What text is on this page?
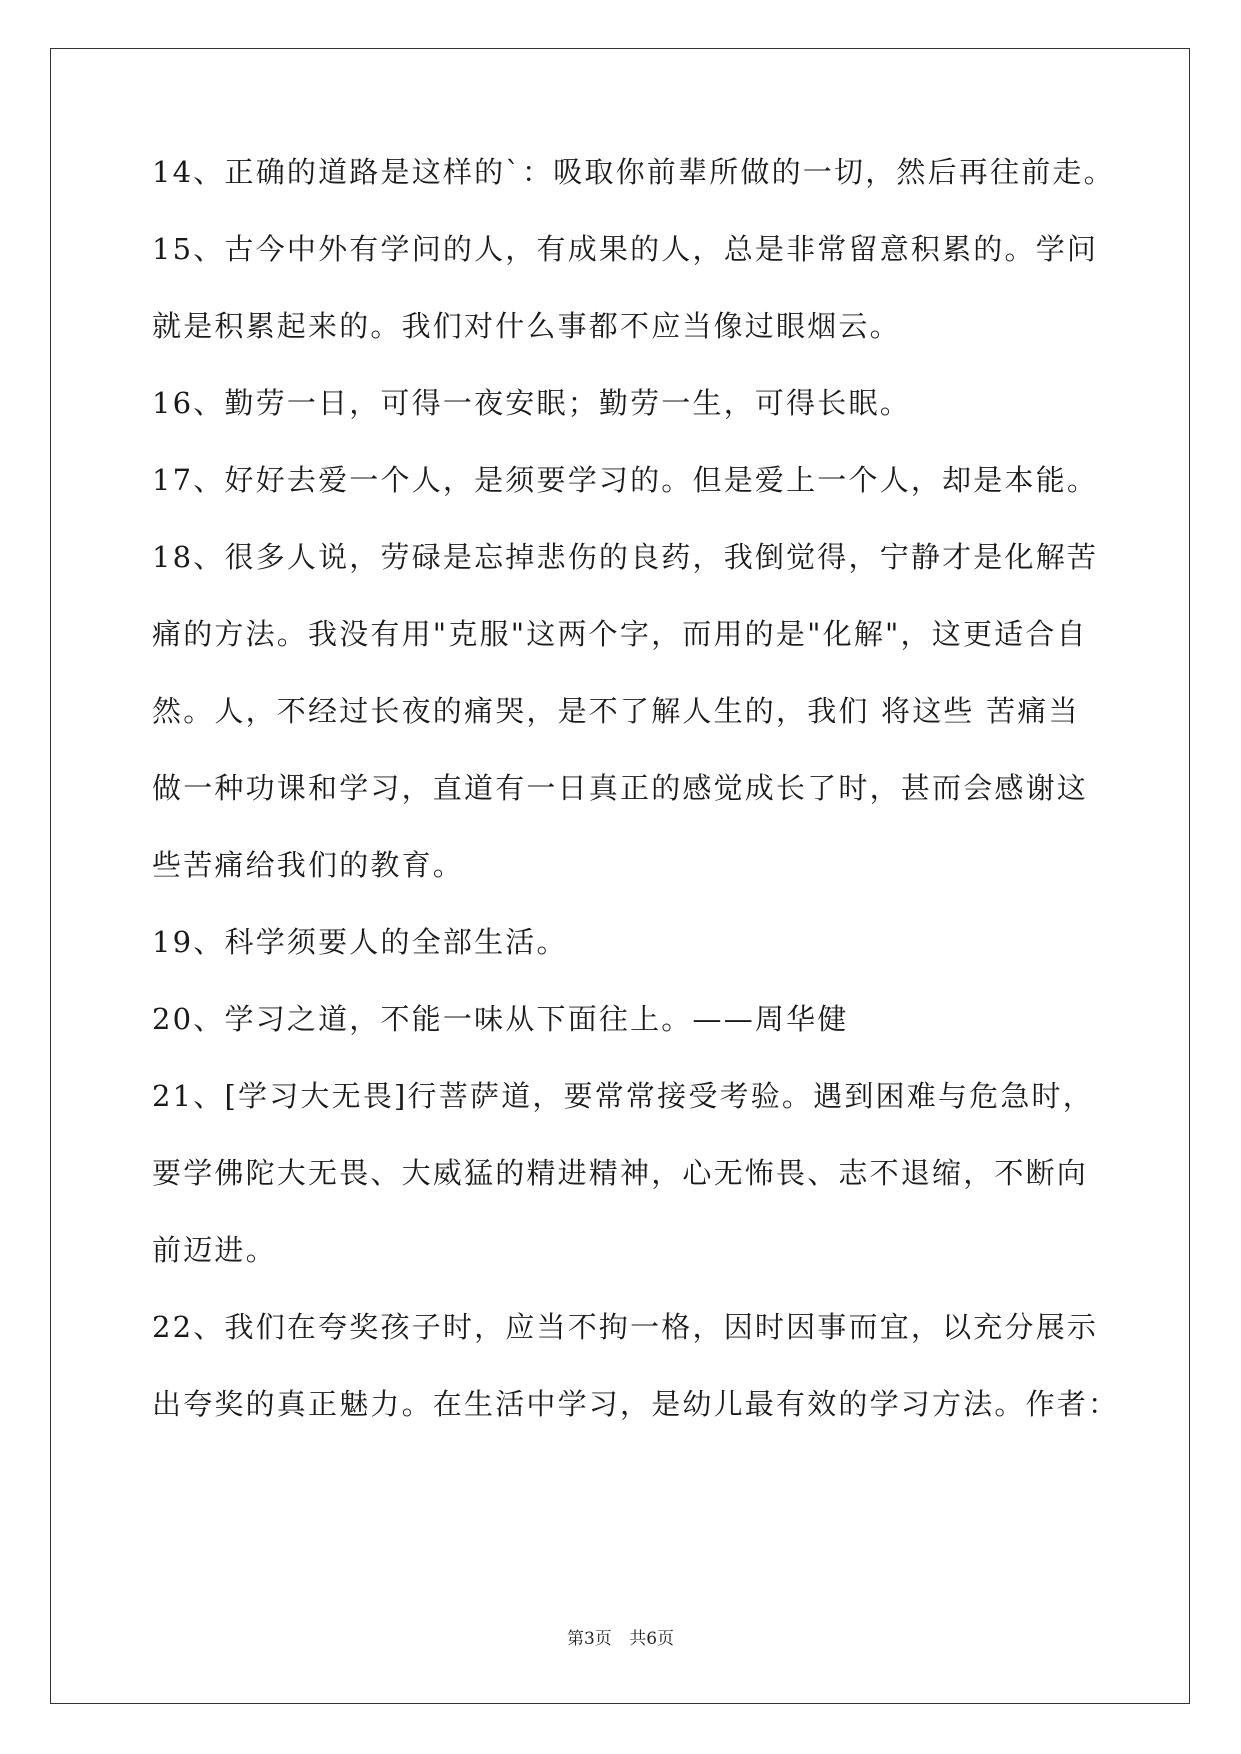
14、正确的道路是这样的`：吸取你前辈所做的一切，然后再往前走。
15、古今中外有学问的人，有成果的人，总是非常留意积累的。学问
就是积累起来的。我们对什么事都不应当像过眼烟云。
16、勤劳一日，可得一夜安眠；勤劳一生，可得长眠。
17、好好去爱一个人，是须要学习的。但是爱上一个人，却是本能。
18、很多人说，劳碌是忘掉悲伤的良药，我倒觉得，宁静才是化解苦
痛的方法。我没有用"克服"这两个字，而用的是"化解"，这更适合自
然。人，不经过长夜的痛哭，是不了解人生的，我们 将这些 苦痛当
做一种功课和学习，直道有一日真正的感觉成长了时，甚而会感谢这
些苦痛给我们的教育。
19、科学须要人的全部生活。
20、学习之道，不能一味从下面往上。——周华健
21、[学习大无畏]行菩萨道，要常常接受考验。遇到困难与危急时，
要学佛陀大无畏、大威猛的精进精神，心无怖畏、志不退缩，不断向
前迈进。
22、我们在夸奖孩子时，应当不拘一格，因时因事而宜，以充分展示
出夸奖的真正魅力。在生活中学习，是幼儿最有效的学习方法。作者：
第3页 共6页
